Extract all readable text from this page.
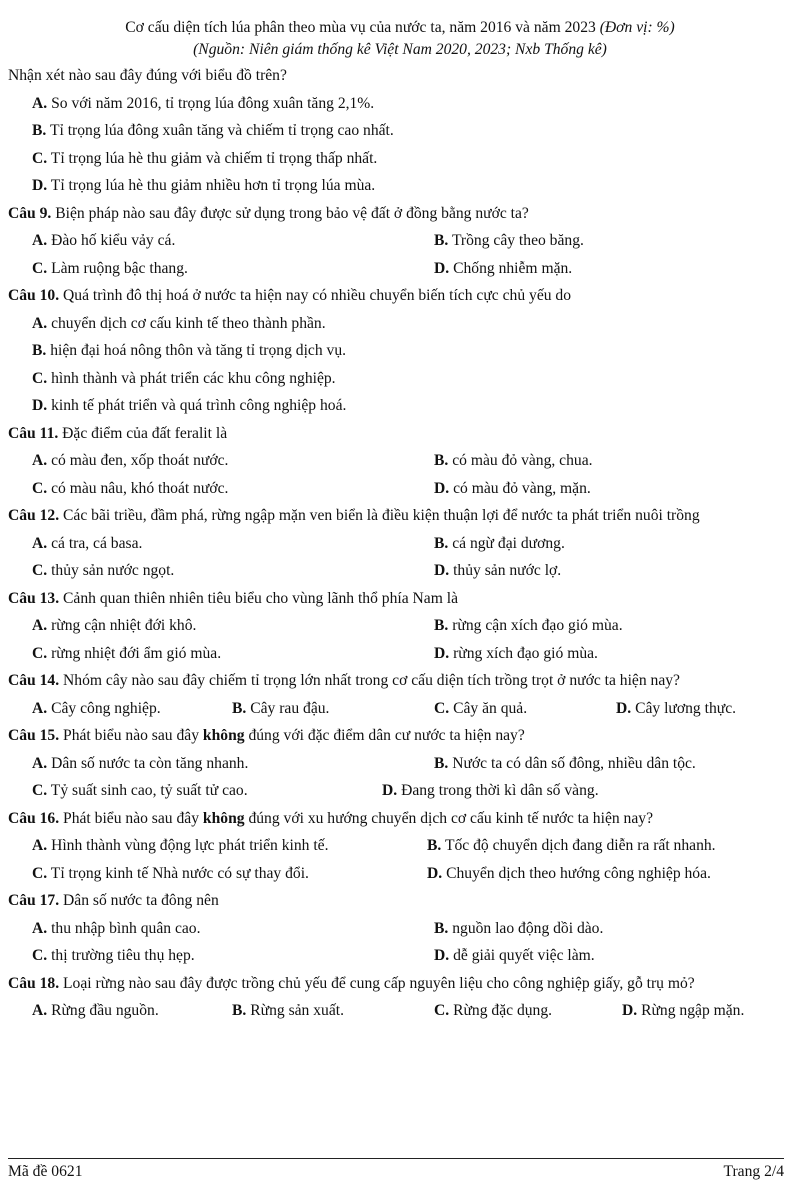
Cơ cấu diện tích lúa phân theo mùa vụ của nước ta, năm 2016 và năm 2023 (Đơn vị: %)
(Nguồn: Niên giám thống kê Việt Nam 2020, 2023; Nxb Thống kê)
Nhận xét nào sau đây đúng với biểu đồ trên?
A. So với năm 2016, tỉ trọng lúa đông xuân tăng 2,1%.
B. Tỉ trọng lúa đông xuân tăng và chiếm tỉ trọng cao nhất.
C. Tỉ trọng lúa hè thu giảm và chiếm tỉ trọng thấp nhất.
D. Tỉ trọng lúa hè thu giảm nhiều hơn tỉ trọng lúa mùa.
Câu 9. Biện pháp nào sau đây được sử dụng trong bảo vệ đất ở đồng bằng nước ta?
A. Đào hố kiểu vảy cá.	B. Trồng cây theo băng.
C. Làm ruộng bậc thang.	D. Chống nhiễm mặn.
Câu 10. Quá trình đô thị hoá ở nước ta hiện nay có nhiều chuyển biến tích cực chủ yếu do
A. chuyển dịch cơ cấu kinh tế theo thành phần.
B. hiện đại hoá nông thôn và tăng tỉ trọng dịch vụ.
C. hình thành và phát triển các khu công nghiệp.
D. kinh tế phát triển và quá trình công nghiệp hoá.
Câu 11. Đặc điểm của đất feralit là
A. có màu đen, xốp thoát nước.	B. có màu đỏ vàng, chua.
C. có màu nâu, khó thoát nước.	D. có màu đỏ vàng, mặn.
Câu 12. Các bãi triều, đầm phá, rừng ngập mặn ven biển là điều kiện thuận lợi để nước ta phát triển nuôi trồng
A. cá tra, cá basa.	B. cá ngừ đại dương.
C. thủy sản nước ngọt.	D. thủy sản nước lợ.
Câu 13. Cảnh quan thiên nhiên tiêu biểu cho vùng lãnh thổ phía Nam là
A. rừng cận nhiệt đới khô.	B. rừng cận xích đạo gió mùa.
C. rừng nhiệt đới ẩm gió mùa.	D. rừng xích đạo gió mùa.
Câu 14. Nhóm cây nào sau đây chiếm tỉ trọng lớn nhất trong cơ cấu diện tích trồng trọt ở nước ta hiện nay?
A. Cây công nghiệp.	B. Cây rau đậu.	C. Cây ăn quả.	D. Cây lương thực.
Câu 15. Phát biểu nào sau đây không đúng với đặc điểm dân cư nước ta hiện nay?
A. Dân số nước ta còn tăng nhanh.	B. Nước ta có dân số đông, nhiều dân tộc.
C. Tỷ suất sinh cao, tỷ suất tử cao.	D. Đang trong thời kì dân số vàng.
Câu 16. Phát biểu nào sau đây không đúng với xu hướng chuyển dịch cơ cấu kinh tế nước ta hiện nay?
A. Hình thành vùng động lực phát triển kinh tế.	B. Tốc độ chuyển dịch đang diễn ra rất nhanh.
C. Tỉ trọng kinh tế Nhà nước có sự thay đổi.	D. Chuyển dịch theo hướng công nghiệp hóa.
Câu 17. Dân số nước ta đông nên
A. thu nhập bình quân cao.	B. nguồn lao động dồi dào.
C. thị trường tiêu thụ hẹp.	D. dễ giải quyết việc làm.
Câu 18. Loại rừng nào sau đây được trồng chủ yếu để cung cấp nguyên liệu cho công nghiệp giấy, gỗ trụ mỏ?
A. Rừng đầu nguồn.	B. Rừng sản xuất.	C. Rừng đặc dụng.	D. Rừng ngập mặn.
Mã đề 0621	Trang 2/4
